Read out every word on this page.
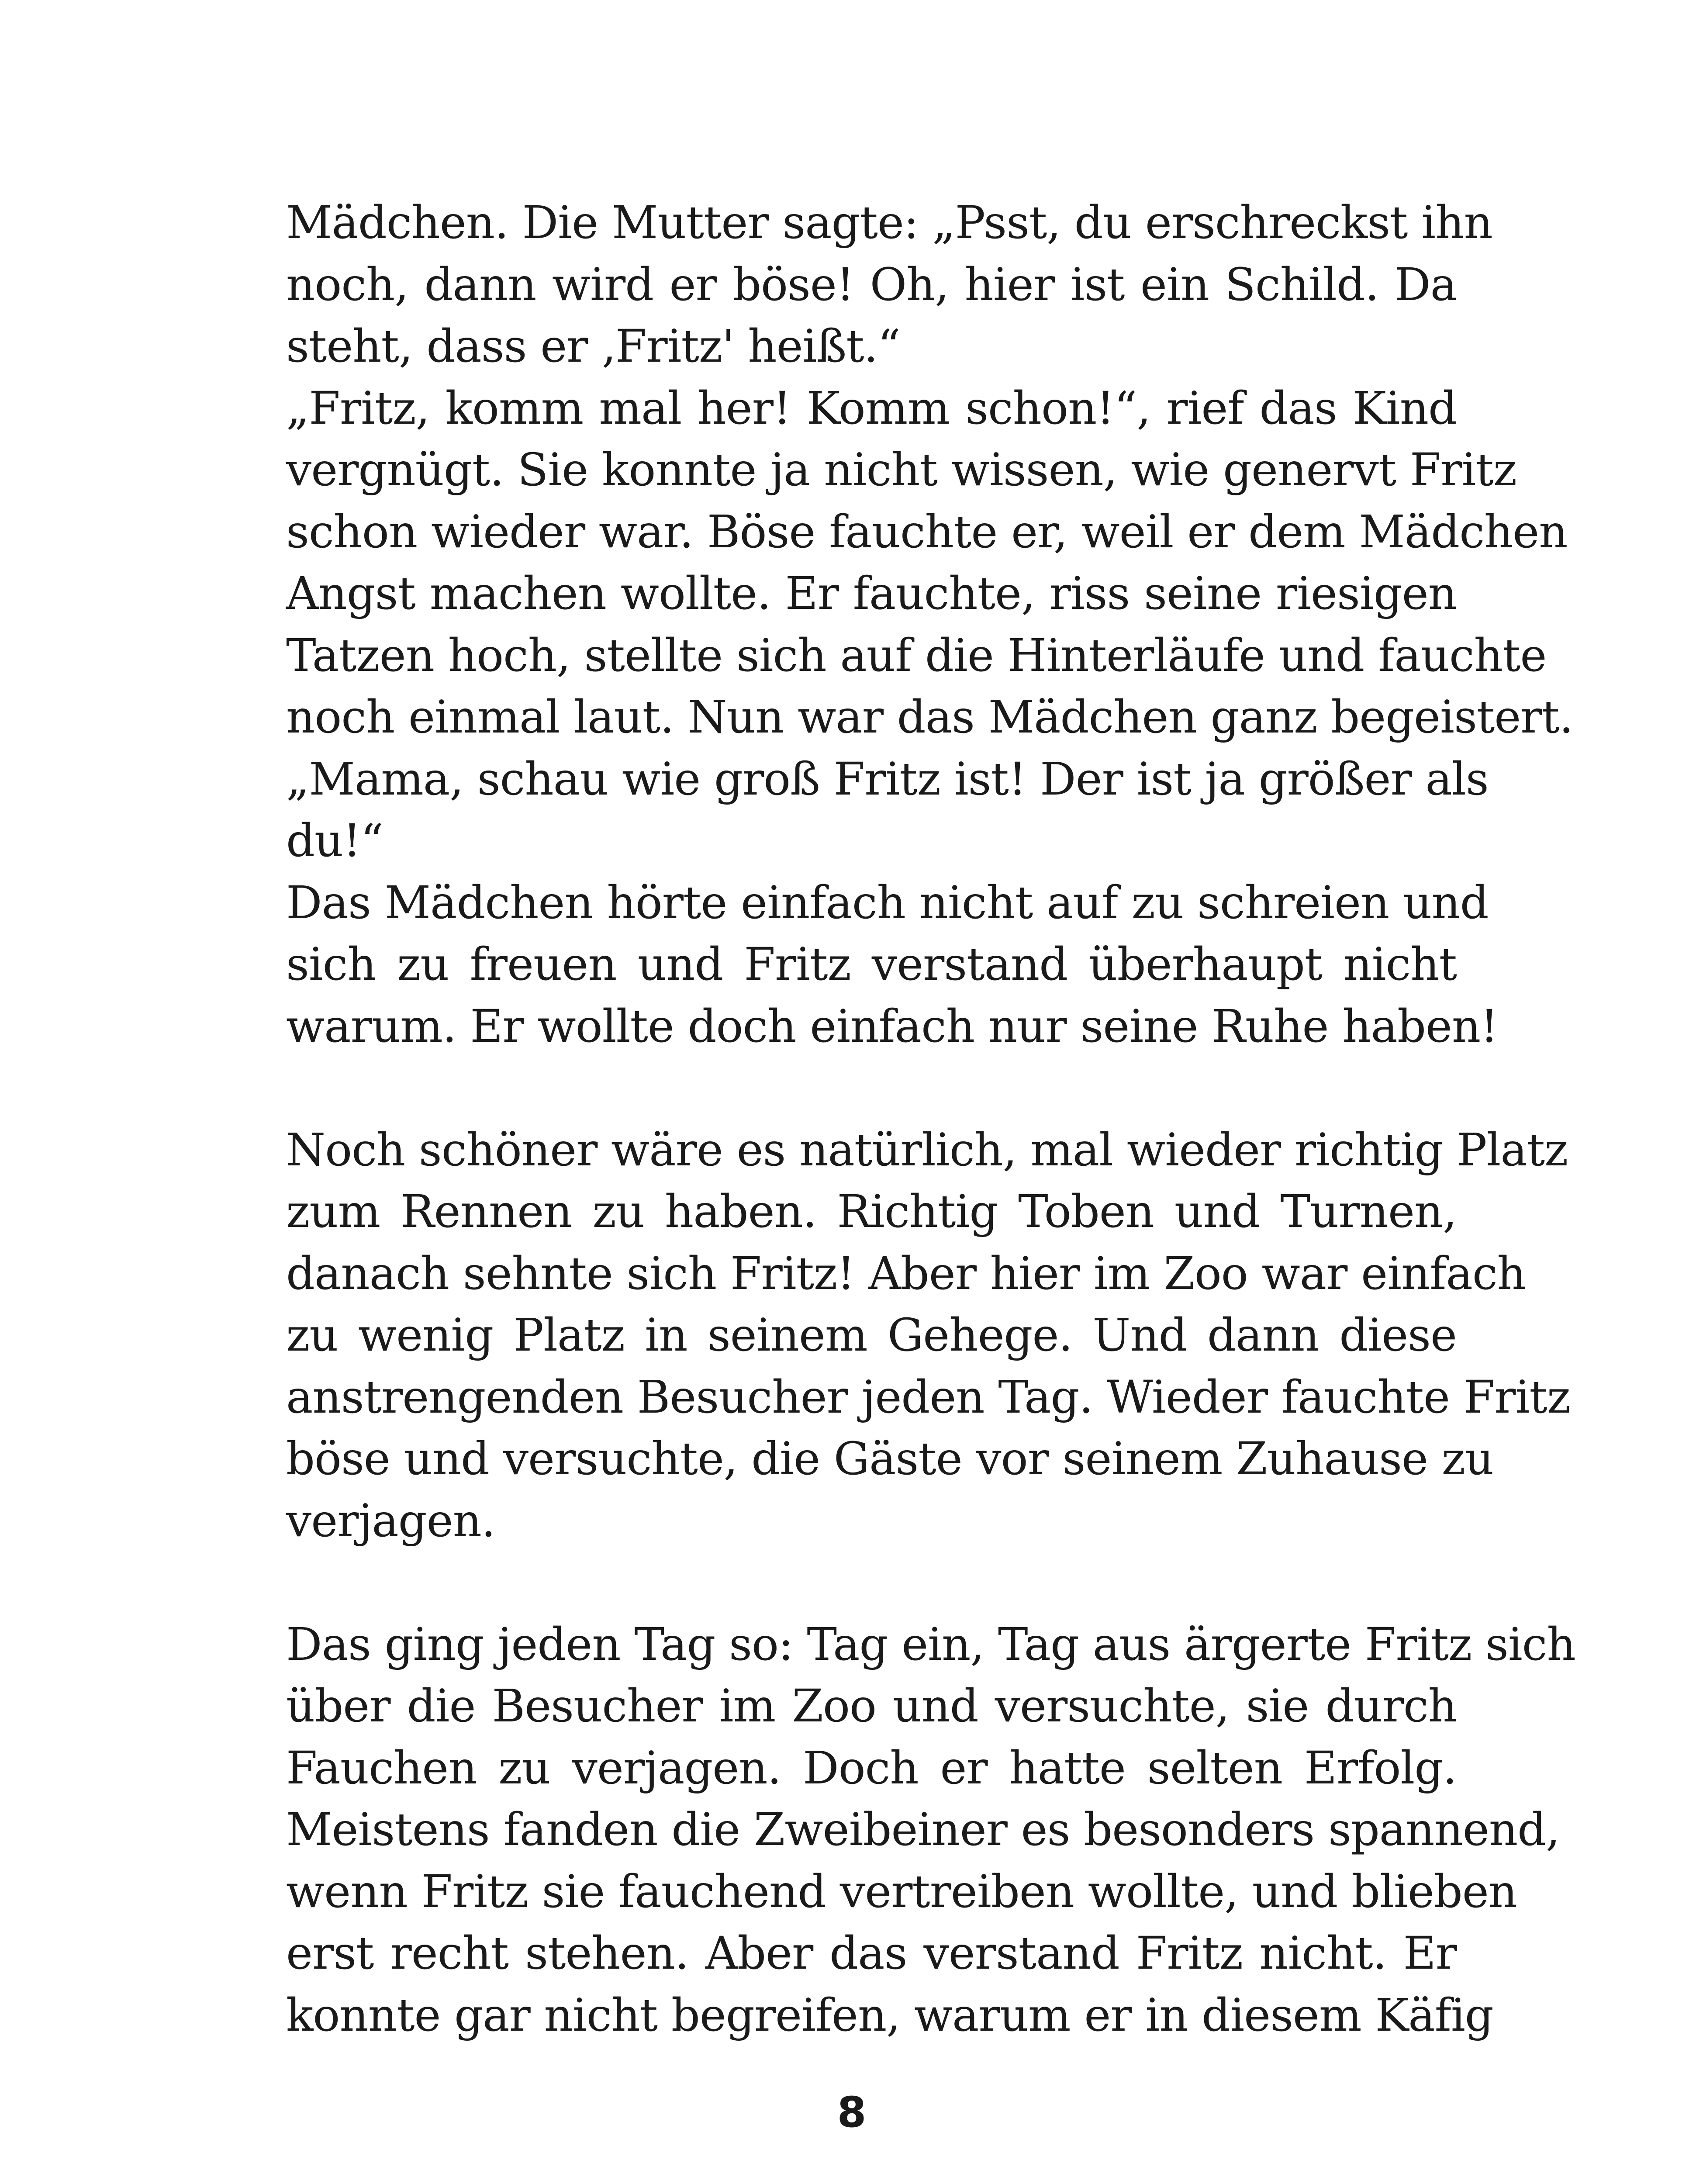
Mädchen. Die Mutter sagte: „Psst, du erschreckst ihn
noch, dann wird er böse! Oh, hier ist ein Schild. Da
steht, dass er ‚Fritz' heißt.“
„Fritz, komm mal her! Komm schon!“, rief das Kind
vergnügt. Sie konnte ja nicht wissen, wie genervt Fritz
schon wieder war. Böse fauchte er, weil er dem Mädchen
Angst machen wollte. Er fauchte, riss seine riesigen
Tatzen hoch, stellte sich auf die Hinterläufe und fauchte
noch einmal laut. Nun war das Mädchen ganz begeistert.
„Mama, schau wie groß Fritz ist! Der ist ja größer als
du!“
Das Mädchen hörte einfach nicht auf zu schreien und
sich zu freuen und Fritz verstand überhaupt nicht
warum. Er wollte doch einfach nur seine Ruhe haben!
Noch schöner wäre es natürlich, mal wieder richtig Platz
zum Rennen zu haben. Richtig Toben und Turnen,
danach sehnte sich Fritz! Aber hier im Zoo war einfach
zu wenig Platz in seinem Gehege. Und dann diese
anstrengenden Besucher jeden Tag. Wieder fauchte Fritz
böse und versuchte, die Gäste vor seinem Zuhause zu
verjagen.
Das ging jeden Tag so: Tag ein, Tag aus ärgerte Fritz sich
über die Besucher im Zoo und versuchte, sie durch
Fauchen zu verjagen. Doch er hatte selten Erfolg.
Meistens fanden die Zweibeiner es besonders spannend,
wenn Fritz sie fauchend vertreiben wollte, und blieben
erst recht stehen. Aber das verstand Fritz nicht. Er
konnte gar nicht begreifen, warum er in diesem Käfig
8
